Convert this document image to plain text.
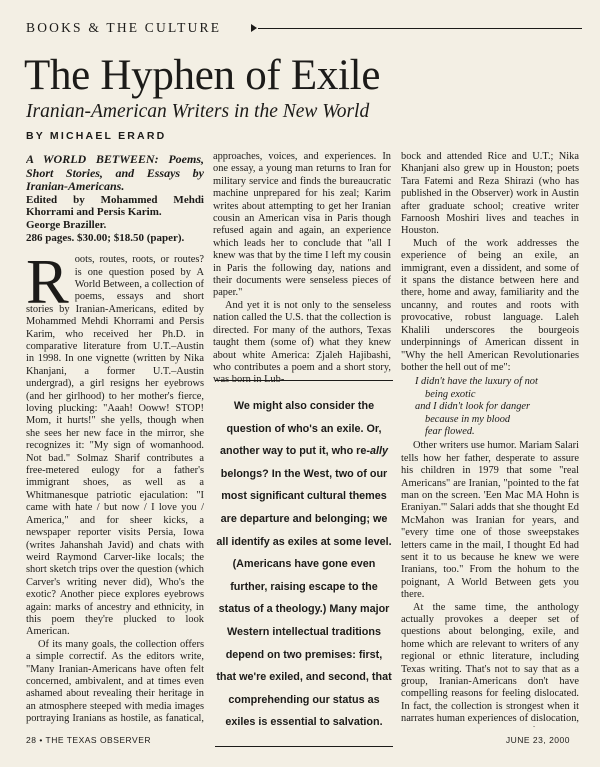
BOOKS & THE CULTURE
The Hyphen of Exile
Iranian-American Writers in the New World
BY MICHAEL ERARD
A WORLD BETWEEN: Poems, Short Stories, and Essays by Iranian-Americans.
Edited by Mohammed Mehdi Khorrami and Persis Karim.
George Braziller.
286 pages. $30.00; $18.50 (paper).

Roots, routes, roots, or routes? is one question posed by A World Between, a collection of poems, essays and short stories by Iranian-Americans, edited by Mohammed Mehdi Khorrami and Persis Karim, who received her Ph.D. in comparative literature from U.T.–Austin in 1998. In one vignette (written by Nika Khanjani, a former U.T.–Austin undergrad), a girl resigns her eyebrows (and her girlhood) to her mother's fierce, loving plucking: "Aaah! Ooww! STOP! Mom, it hurts!" she yells, though when she sees her new face in the mirror, she recognizes it: "My sign of womanhood. Not bad." Solmaz Sharif contributes a free-metered eulogy for a father's immigrant shoes, as well as a Whitmanesque patriotic ejaculation: "I came with hate / but now / I love you / America," and for sheer kicks, a newspaper reporter visits Persia, Iowa (writes Jahanshah Javid) and chats with weird Raymond Carver-like locals; the short sketch trips over the question (which Carver's writing never did), Who's the exotic? Another piece explores eyebrows again: marks of ancestry and ethnicity, in this poem they're plucked to look American.

Of its many goals, the collection offers a simple correctif. As the editors write, "Many Iranian-Americans have often felt concerned, ambivalent, and at times even ashamed about revealing their heritage in an atmosphere steeped with media images portraying Iranians as hostile, as fanatical,

approaches, voices, and experiences. In one essay, a young man returns to Iran for military service and finds the bureaucratic machine unprepared for his zeal; Karim writes about attempting to get her Iranian cousin an American visa in Paris though refused again and again, an experience which leads her to conclude that "all I knew was that by the time I left my cousin in Paris the following day, nations and their documents were senseless pieces of paper."

And yet it is not only to the senseless nation called the U.S. that the collection is directed. For many of the authors, Texas taught them (some of) what they knew about white America: Zjaleh Hajibashi, who contributes a poem and a short story, was born in Lub-

We might also consider the question of who's an exile. Or, another way to put it, who re-ally belongs? In the West, two of our most significant cultural themes are departure and belonging; we all identify as exiles at some level. (Americans have gone even further, raising escape to the status of a theology.) Many major Western intellectual traditions depend on two premises: first, that we're exiled, and second, that comprehending our status as exiles is essential to salvation.

bock and attended Rice and U.T.; Nika Khanjani also grew up in Houston; poets Tara Fatemi and Reza Shirazi (who has published in the Observer) work in Austin after graduate school; creative writer Farnoosh Moshiri lives and teaches in Houston.

Much of the work addresses the experience of being an exile, an immigrant, even a dissident, and some of it spans the distance between here and there, home and away, familiarity and the uncanny, and routes and roots with provocative, robust language. Laleh Khalili underscores the bourgeois underpinnings of American dissent in "Why the hell American Revolutionaries bother the hell out of me":

I didn't have the luxury of not
being exotic
and I didn't look for danger
because in my blood
fear flowed.

Other writers use humor. Mariam Salari tells how her father, desperate to assure his children in 1979 that some "real Americans" are Iranian, "pointed to the fat man on the screen. 'Een Mac MA Hohn is Eraniyan.'" Salari adds that she thought Ed McMahon was Iranian for years, and "every time one of those sweepstakes letters came in the mail, I thought Ed had sent it to us because he knew we were Iranians, too." From the hohum to the poignant, A World Between gets you there.

At the same time, the anthology actually provokes a deeper set of questions about belonging, exile, and home which are relevant to writers of any regional or ethnic literature, including Texas writing. That's not to say that as a group, Iranian-Americans don't have compelling reasons for feeling dislocated. In fact, the collection is strongest when it narrates human experiences of dislocation,

28 • THE TEXAS OBSERVER	JUNE 23, 2000
